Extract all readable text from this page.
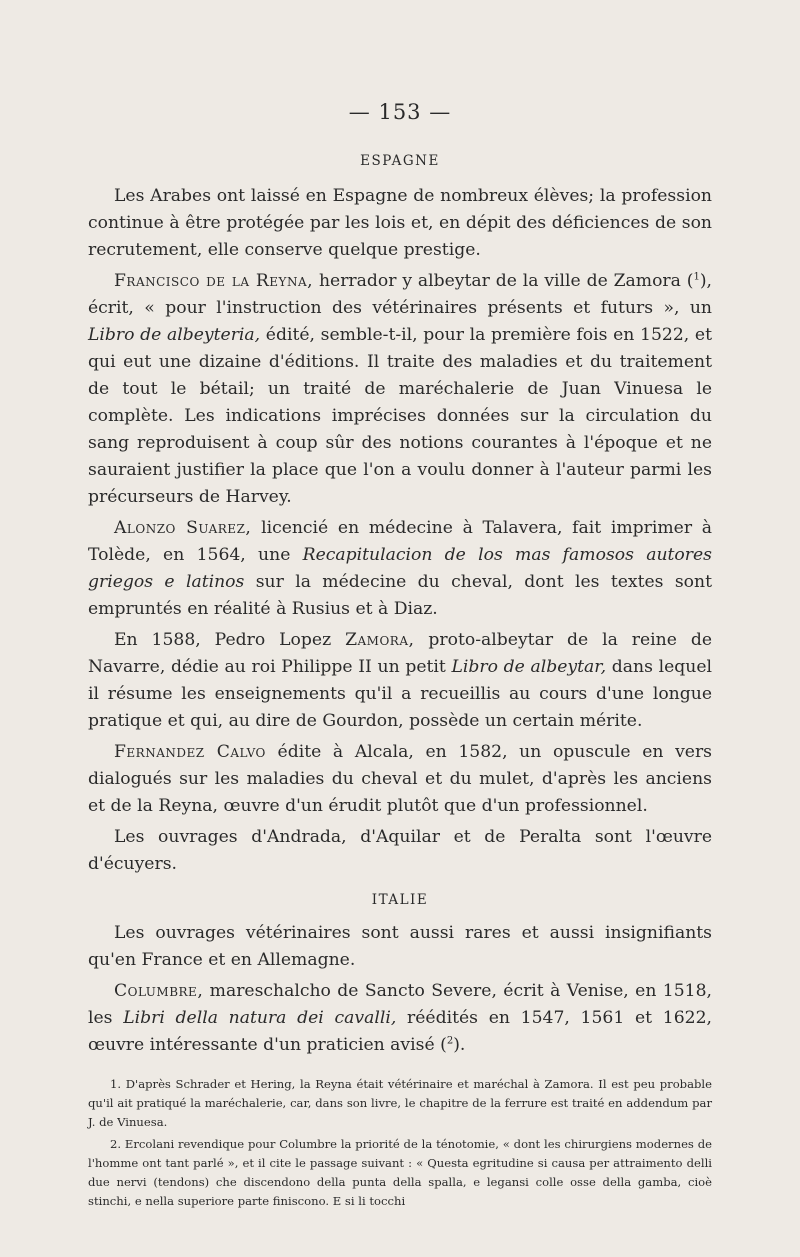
— 153 —
ESPAGNE

Les Arabes ont laissé en Espagne de nombreux élèves; la profession continue à être protégée par les lois et, en dépit des déficiences de son recrutement, elle conserve quelque prestige.

Francisco de la Reyna, herrador y albeytar de la ville de Zamora ($^1$), écrit, « pour l'instruction des vétérinaires présents et futurs », un Libro de albeyteria, édité, semble-t-il, pour la première fois en 1522, et qui eut une dizaine d'éditions. Il traite des maladies et du traitement de tout le bétail; un traité de maréchalerie de Juan Vinuesa le complète. Les indications imprécises données sur la circulation du sang reproduisent à coup sûr des notions courantes à l'époque et ne sauraient justifier la place que l'on a voulu donner à l'auteur parmi les précurseurs de Harvey.

Alonzo Suarez, licencié en médecine à Talavera, fait imprimer à Tolède, en 1564, une Recapitulacion de los mas famosos autores griegos e latinos sur la médecine du cheval, dont les textes sont empruntés en réalité à Rusius et à Diaz.

En 1588, Pedro Lopez Zamora, proto-albeytar de la reine de Navarre, dédie au roi Philippe II un petit Libro de albeytar, dans lequel il résume les enseignements qu'il a recueillis au cours d'une longue pratique et qui, au dire de Gourdon, possède un certain mérite.

Fernandez Calvo édite à Alcala, en 1582, un opuscule en vers dialogués sur les maladies du cheval et du mulet, d'après les anciens et de la Reyna, œuvre d'un érudit plutôt que d'un professionnel.

Les ouvrages d'Andrada, d'Aquilar et de Peralta sont l'œuvre d'écuyers.

ITALIE

Les ouvrages vétérinaires sont aussi rares et aussi insignifiants qu'en France et en Allemagne.

Columbre, mareschalcho de Sancto Severe, écrit à Venise, en 1518, les Libri della natura dei cavalli, réédités en 1547, 1561 et 1622, œuvre intéressante d'un praticien avisé ($^2$).

1. D'après Schrader et Hering, la Reyna était vétérinaire et maréchal à Zamora. Il est peu probable qu'il ait pratiqué la maréchalerie, car, dans son livre, le chapitre de la ferrure est traité en addendum par J. de Vinuesa.

2. Ercolani revendique pour Columbre la priorité de la ténotomie, « dont les chirurgiens modernes de l'homme ont tant parlé », et il cite le passage suivant : « Questa egritudine si causa per attraimento delli due nervi (tendons) che discendono della punta della spalla, e legansi colle osse della gamba, cioè stinchi, e nella superiore parte finiscono. E si li tocchi
